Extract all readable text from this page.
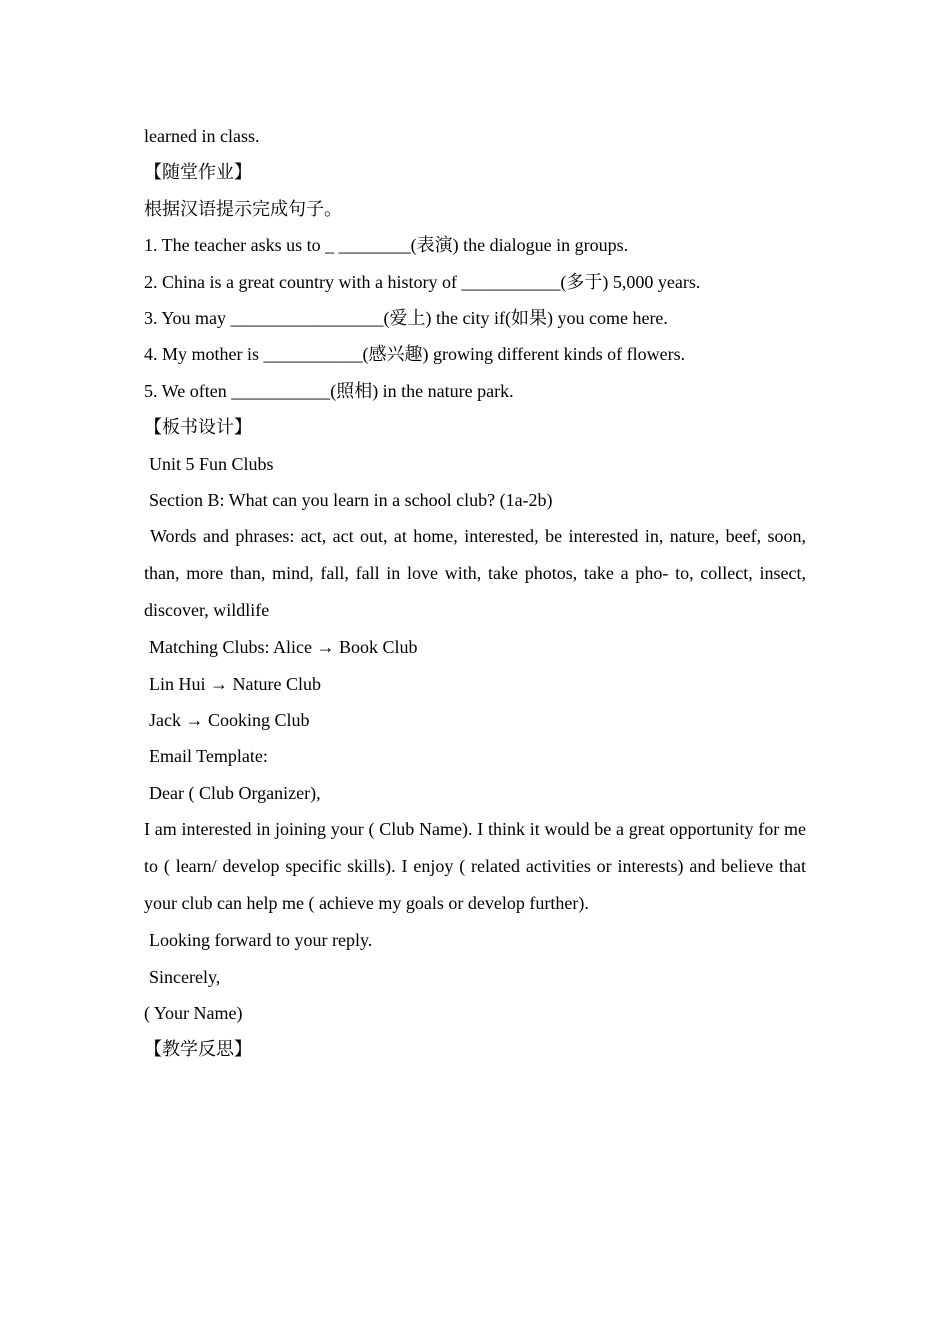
learned in class.
【随堂作业】
根据汉语提示完成句子。
1. The teacher asks us to _ ________(表演) the dialogue in groups.
2. China is a great country with a history of ___________(多于) 5,000 years.
3. You may _________________(爱上) the city if(如果) you come here.
4. My mother is ___________(感兴趣) growing different kinds of flowers.
5. We often ___________(照相) in the nature park.
【板书设计】
Unit 5 Fun Clubs
Section B: What can you learn in a school club? (1a-2b)
Words and phrases: act, act out, at home, interested, be interested in, nature, beef, soon, than, more than, mind, fall, fall in love with, take photos, take a pho- to, collect, insect, discover, wildlife
Matching Clubs: Alice → Book Club
Lin Hui → Nature Club
Jack → Cooking Club
Email Template:
Dear ( Club Organizer),
I am interested in joining your ( Club Name). I think it would be a great opportunity for me to ( learn/ develop specific skills). I enjoy ( related activities or interests) and believe that your club can help me ( achieve my goals or develop further).
Looking forward to your reply.
Sincerely,
( Your Name)
【教学反思】
